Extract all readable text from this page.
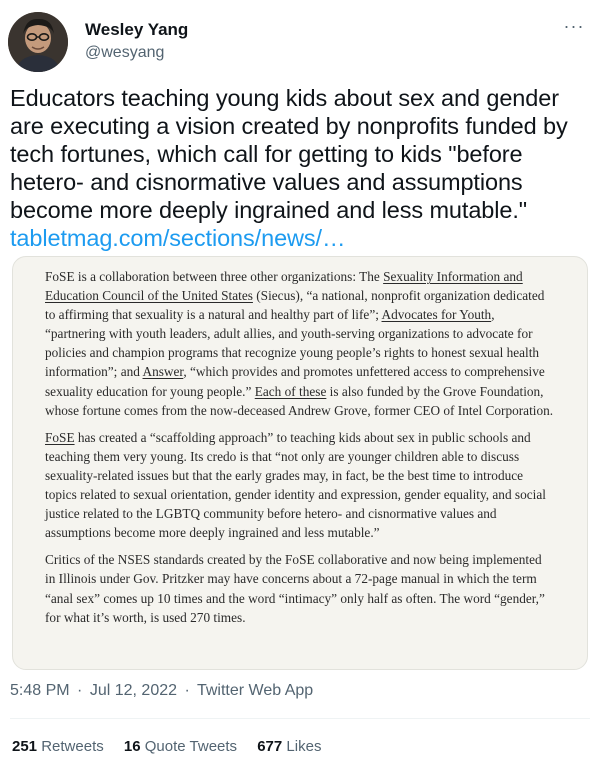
Wesley Yang
@wesyang
···
Educators teaching young kids about sex and gender are executing a vision created by nonprofits funded by tech fortunes, which call for getting to kids "before hetero- and cisnormative values and assumptions become more deeply ingrained and less mutable."
tabletmag.com/sections/news/…

FoSE is a collaboration between three other organizations: The Sexuality Information and Education Council of the United States (Siecus), “a national, nonprofit organization dedicated to affirming that sexuality is a natural and healthy part of life”; Advocates for Youth, “partnering with youth leaders, adult allies, and youth-serving organizations to advocate for policies and champion programs that recognize young people’s rights to honest sexual health information”; and Answer, “which provides and promotes unfettered access to comprehensive sexuality education for young people.” Each of these is also funded by the Grove Foundation, whose fortune comes from the now-deceased Andrew Grove, former CEO of Intel Corporation.

FoSE has created a “scaffolding approach” to teaching kids about sex in public schools and teaching them very young. Its credo is that “not only are younger children able to discuss sexuality-related issues but that the early grades may, in fact, be the best time to introduce topics related to sexual orientation, gender identity and expression, gender equality, and social justice related to the LGBTQ community before hetero- and cisnormative values and assumptions become more deeply ingrained and less mutable.”

Critics of the NSES standards created by the FoSE collaborative and now being implemented in Illinois under Gov. Pritzker may have concerns about a 72-page manual in which the term “anal sex” comes up 10 times and the word “intimacy” only half as often. The word “gender,” for what it’s worth, is used 270 times.

5:48 PM · Jul 12, 2022 · Twitter Web App
251 Retweets 16 Quote Tweets 677 Likes
